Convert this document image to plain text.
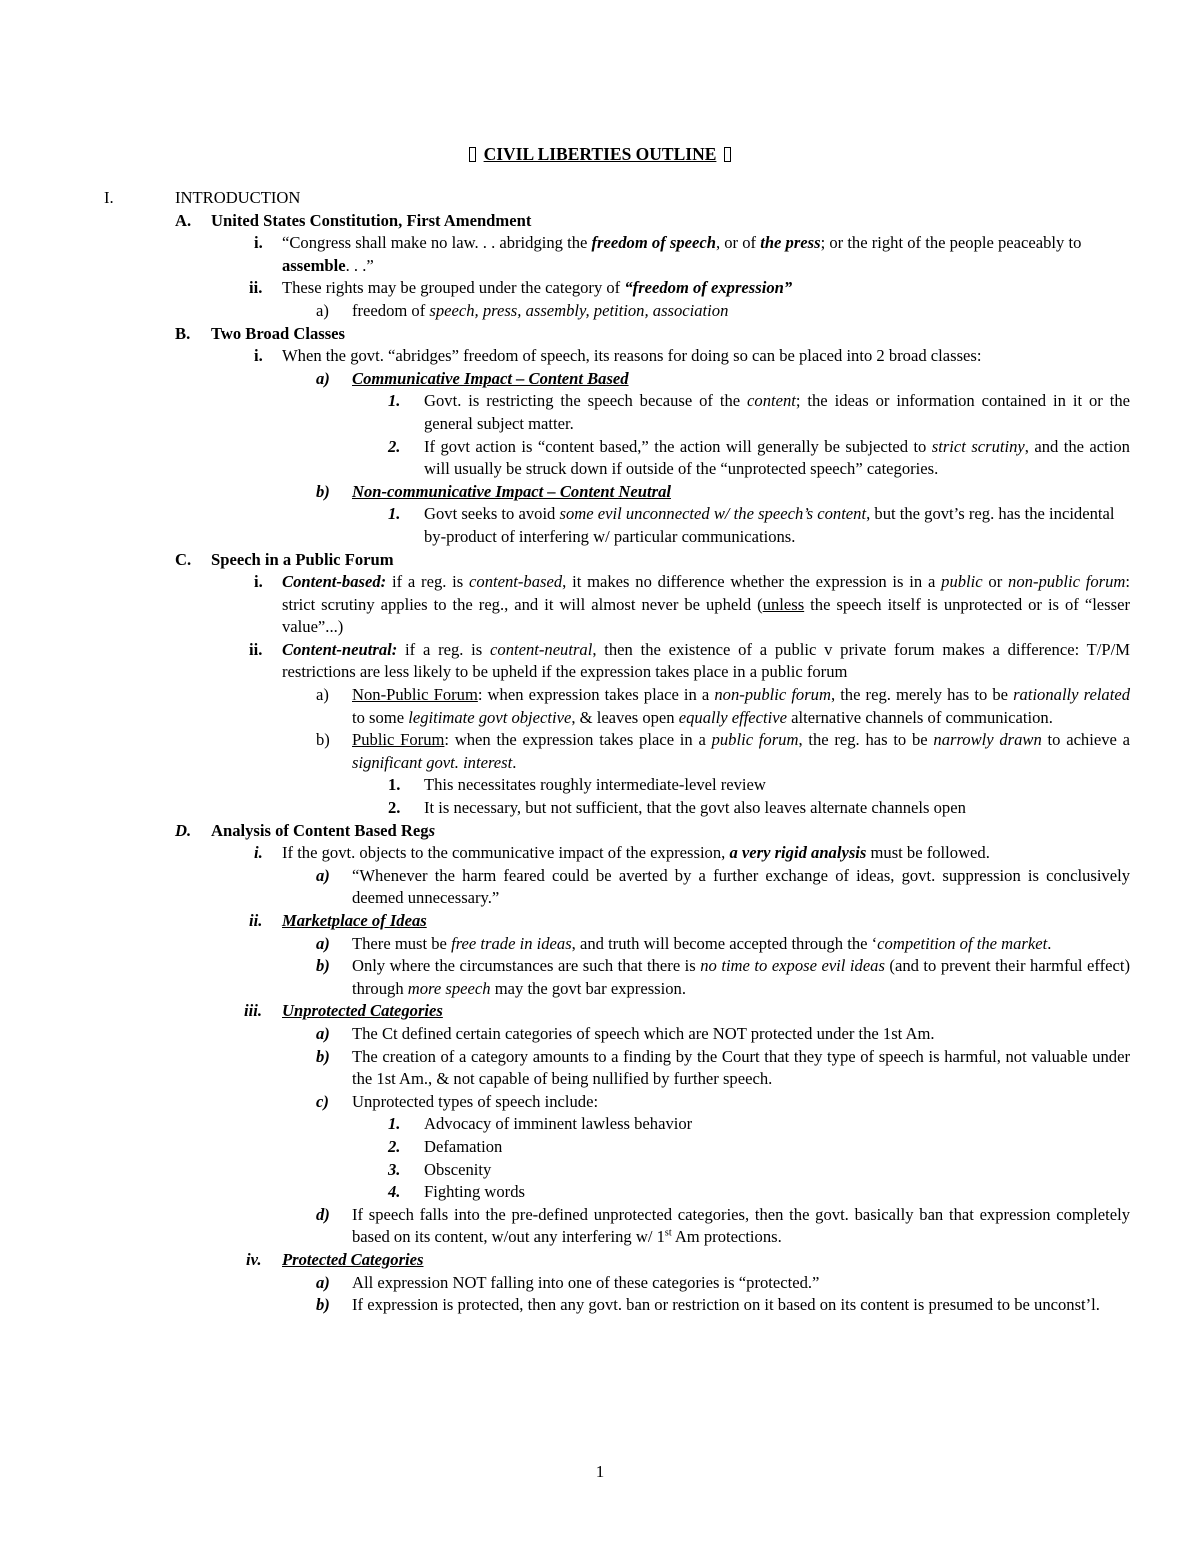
CIVIL LIBERTIES OUTLINE
I.	INTRODUCTION
A. United States Constitution, First Amendment
i. “Congress shall make no law. . . abridging the freedom of speech, or of the press; or the right of the people peaceably to assemble. . .”
ii. These rights may be grouped under the category of “freedom of expression”
a) freedom of speech, press, assembly, petition, association
B. Two Broad Classes
i. When the govt. “abridges” freedom of speech, its reasons for doing so can be placed into 2 broad classes:
a) Communicative Impact – Content Based
1. Govt. is restricting the speech because of the content; the ideas or information contained in it or the general subject matter.
2. If govt action is “content based,” the action will generally be subjected to strict scrutiny, and the action will usually be struck down if outside of the “unprotected speech” categories.
b) Non-communicative Impact – Content Neutral
1. Govt seeks to avoid some evil unconnected w/ the speech’s content, but the govt’s reg. has the incidental by-product of interfering w/ particular communications.
C. Speech in a Public Forum
i. Content-based: if a reg. is content-based, it makes no difference whether the expression is in a public or non-public forum: strict scrutiny applies to the reg., and it will almost never be upheld (unless the speech itself is unprotected or is of “lesser value”...)
ii. Content-neutral: if a reg. is content-neutral, then the existence of a public v private forum makes a difference: T/P/M restrictions are less likely to be upheld if the expression takes place in a public forum
a) Non-Public Forum: when expression takes place in a non-public forum, the reg. merely has to be rationally related to some legitimate govt objective, & leaves open equally effective alternative channels of communication.
b) Public Forum: when the expression takes place in a public forum, the reg. has to be narrowly drawn to achieve a significant govt. interest.
1. This necessitates roughly intermediate-level review
2. It is necessary, but not sufficient, that the govt also leaves alternate channels open
D. Analysis of Content Based Regs
i. If the govt. objects to the communicative impact of the expression, a very rigid analysis must be followed.
a) “Whenever the harm feared could be averted by a further exchange of ideas, govt. suppression is conclusively deemed unnecessary.”
ii. Marketplace of Ideas
a) There must be free trade in ideas, and truth will become accepted through the ‘competition of the market.
b) Only where the circumstances are such that there is no time to expose evil ideas (and to prevent their harmful effect) through more speech may the govt bar expression.
iii. Unprotected Categories
a) The Ct defined certain categories of speech which are NOT protected under the 1st Am.
b) The creation of a category amounts to a finding by the Court that they type of speech is harmful, not valuable under the 1st Am., & not capable of being nullified by further speech.
c) Unprotected types of speech include:
1. Advocacy of imminent lawless behavior
2. Defamation
3. Obscenity
4. Fighting words
d) If speech falls into the pre-defined unprotected categories, then the govt. basically ban that expression completely based on its content, w/out any interfering w/ 1st Am protections.
iv. Protected Categories
a) All expression NOT falling into one of these categories is “protected.”
b) If expression is protected, then any govt. ban or restriction on it based on its content is presumed to be unconst’l.
1
